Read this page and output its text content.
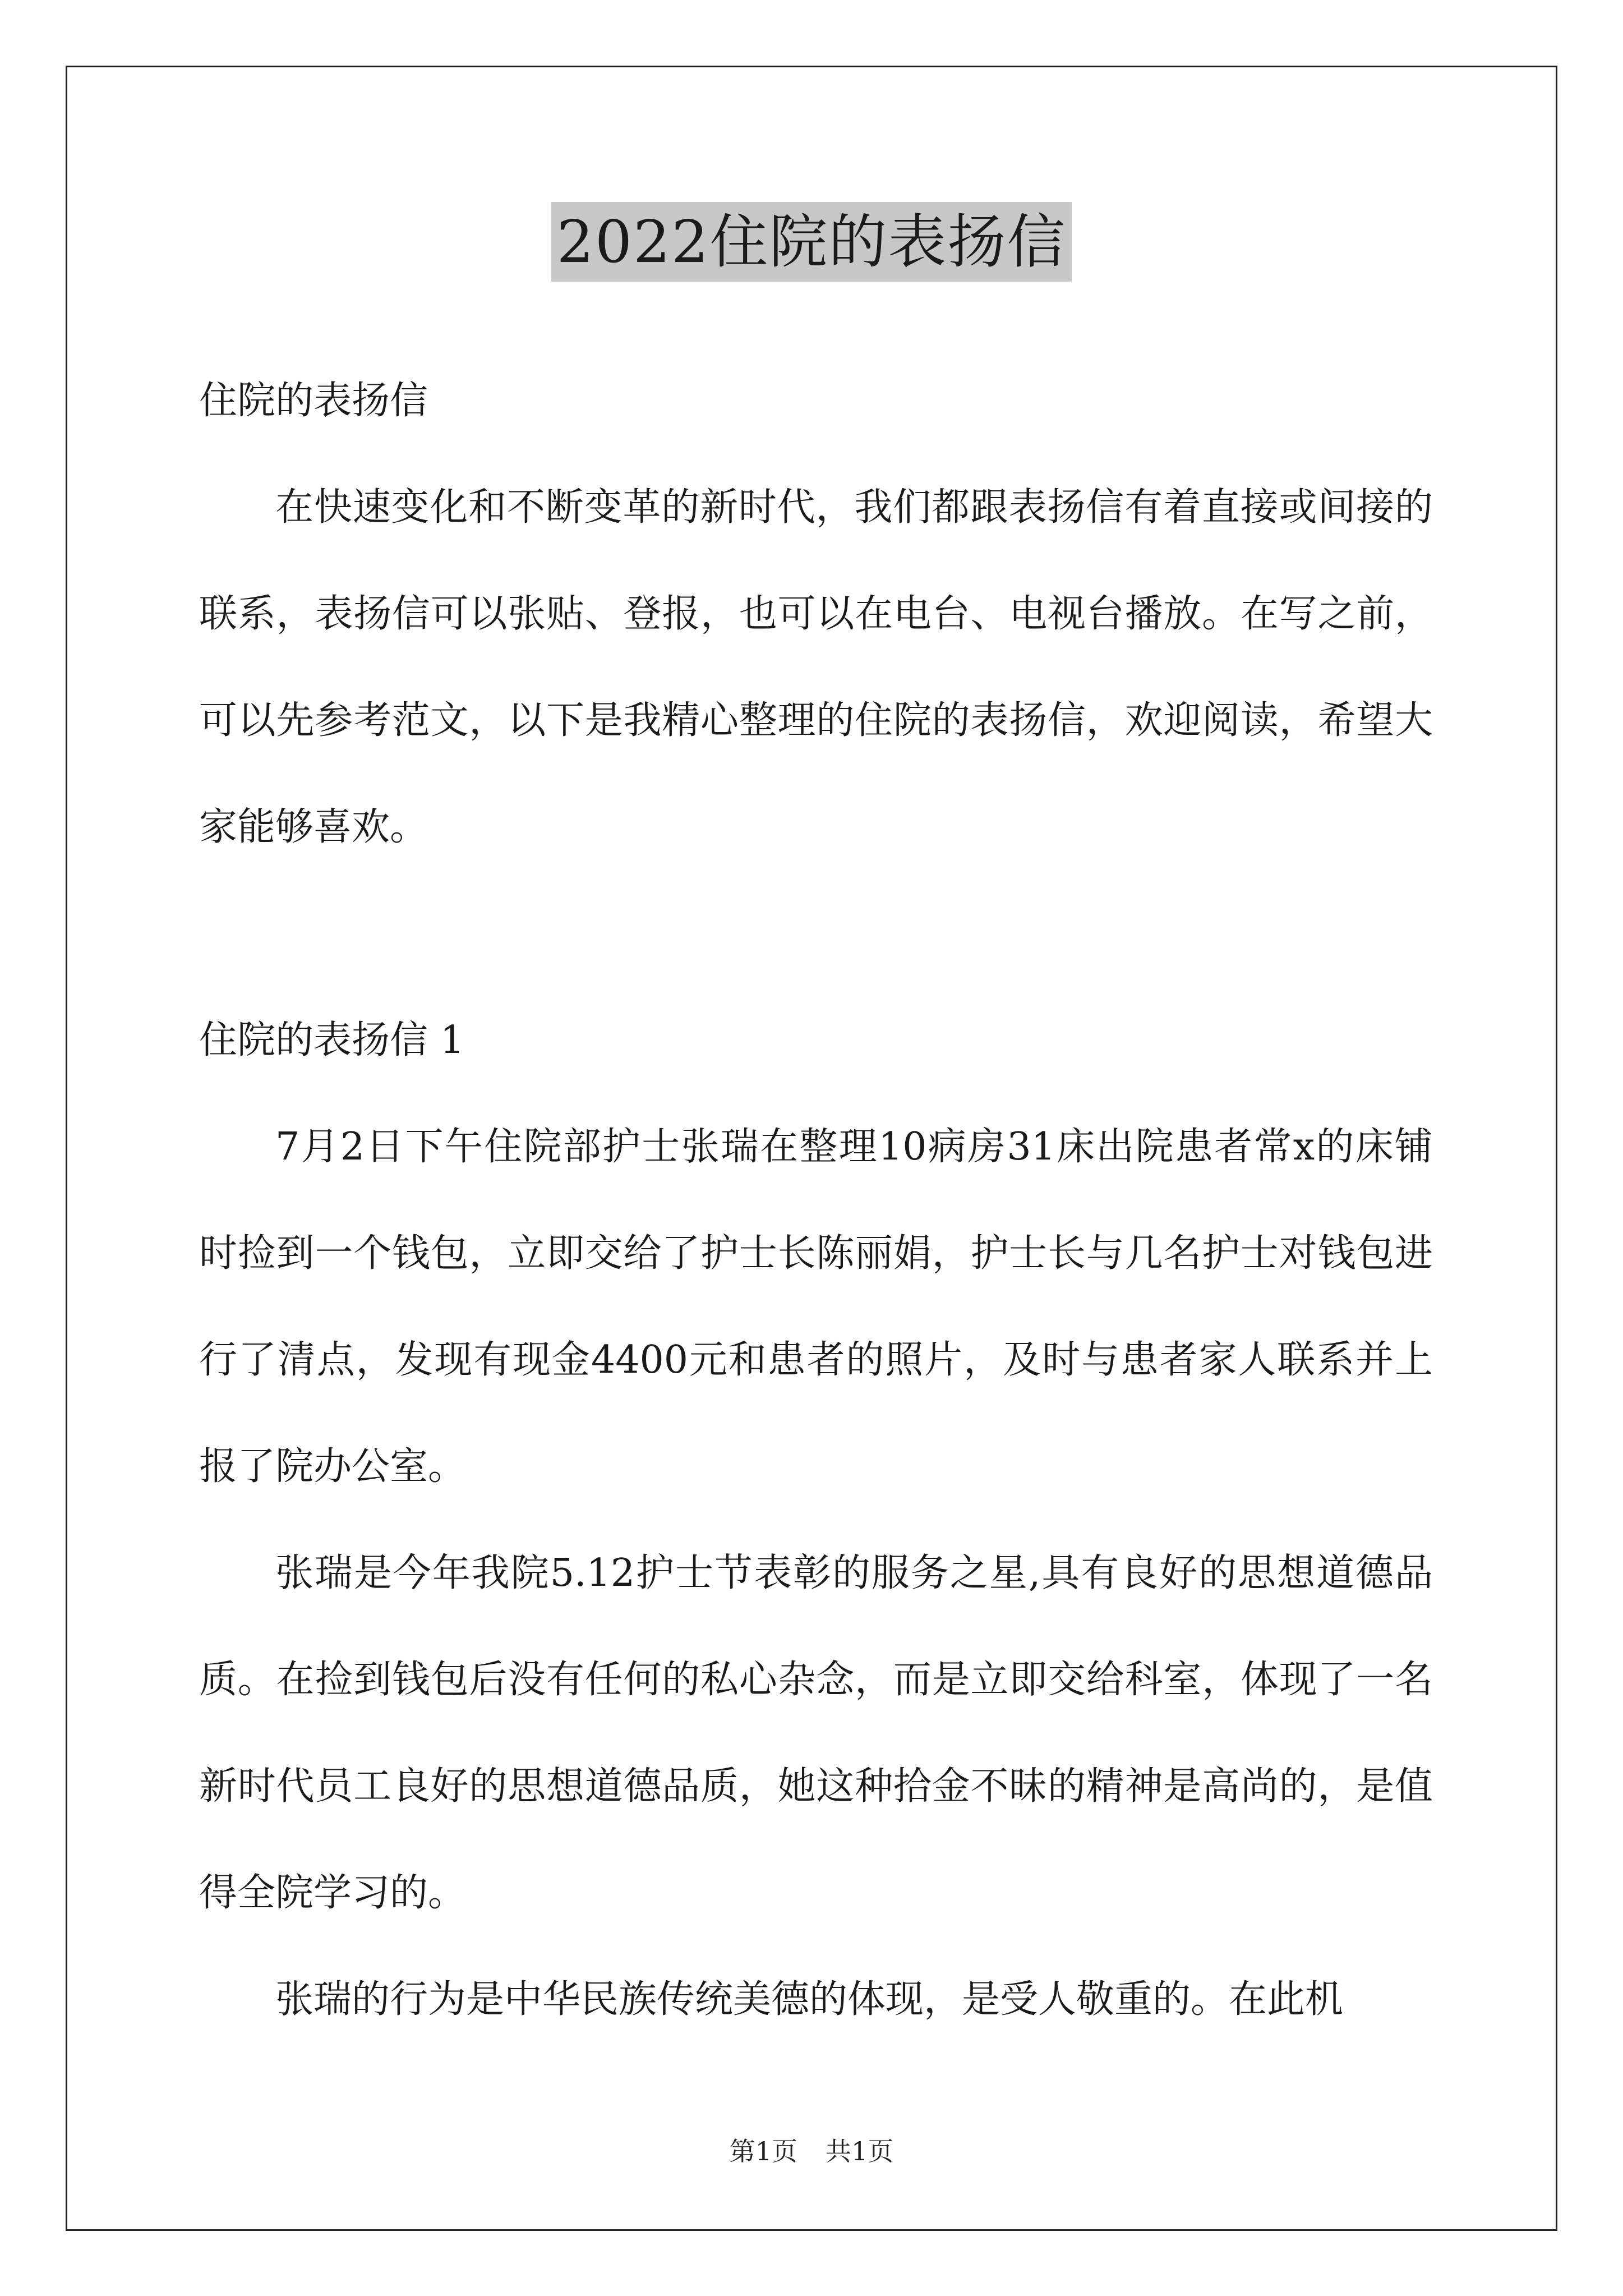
2022住院的表扬信

住院的表扬信

在快速变化和不断变革的新时代，我们都跟表扬信有着直接或间接的联系，表扬信可以张贴、登报，也可以在电台、电视台播放。在写之前，可以先参考范文，以下是我精心整理的住院的表扬信，欢迎阅读，希望大家能够喜欢。

住院的表扬信 1

7月2日下午住院部护士张瑞在整理10病房31床出院患者常x的床铺时捡到一个钱包，立即交给了护士长陈丽娟，护士长与几名护士对钱包进行了清点，发现有现金4400元和患者的照片，及时与患者家人联系并上报了院办公室。

张瑞是今年我院5.12护士节表彰的服务之星,具有良好的思想道德品质。在捡到钱包后没有任何的私心杂念，而是立即交给科室，体现了一名新时代员工良好的思想道德品质，她这种拾金不昧的精神是高尚的，是值得全院学习的。

张瑞的行为是中华民族传统美德的体现，是受人敬重的。在此机

第1页 共1页
